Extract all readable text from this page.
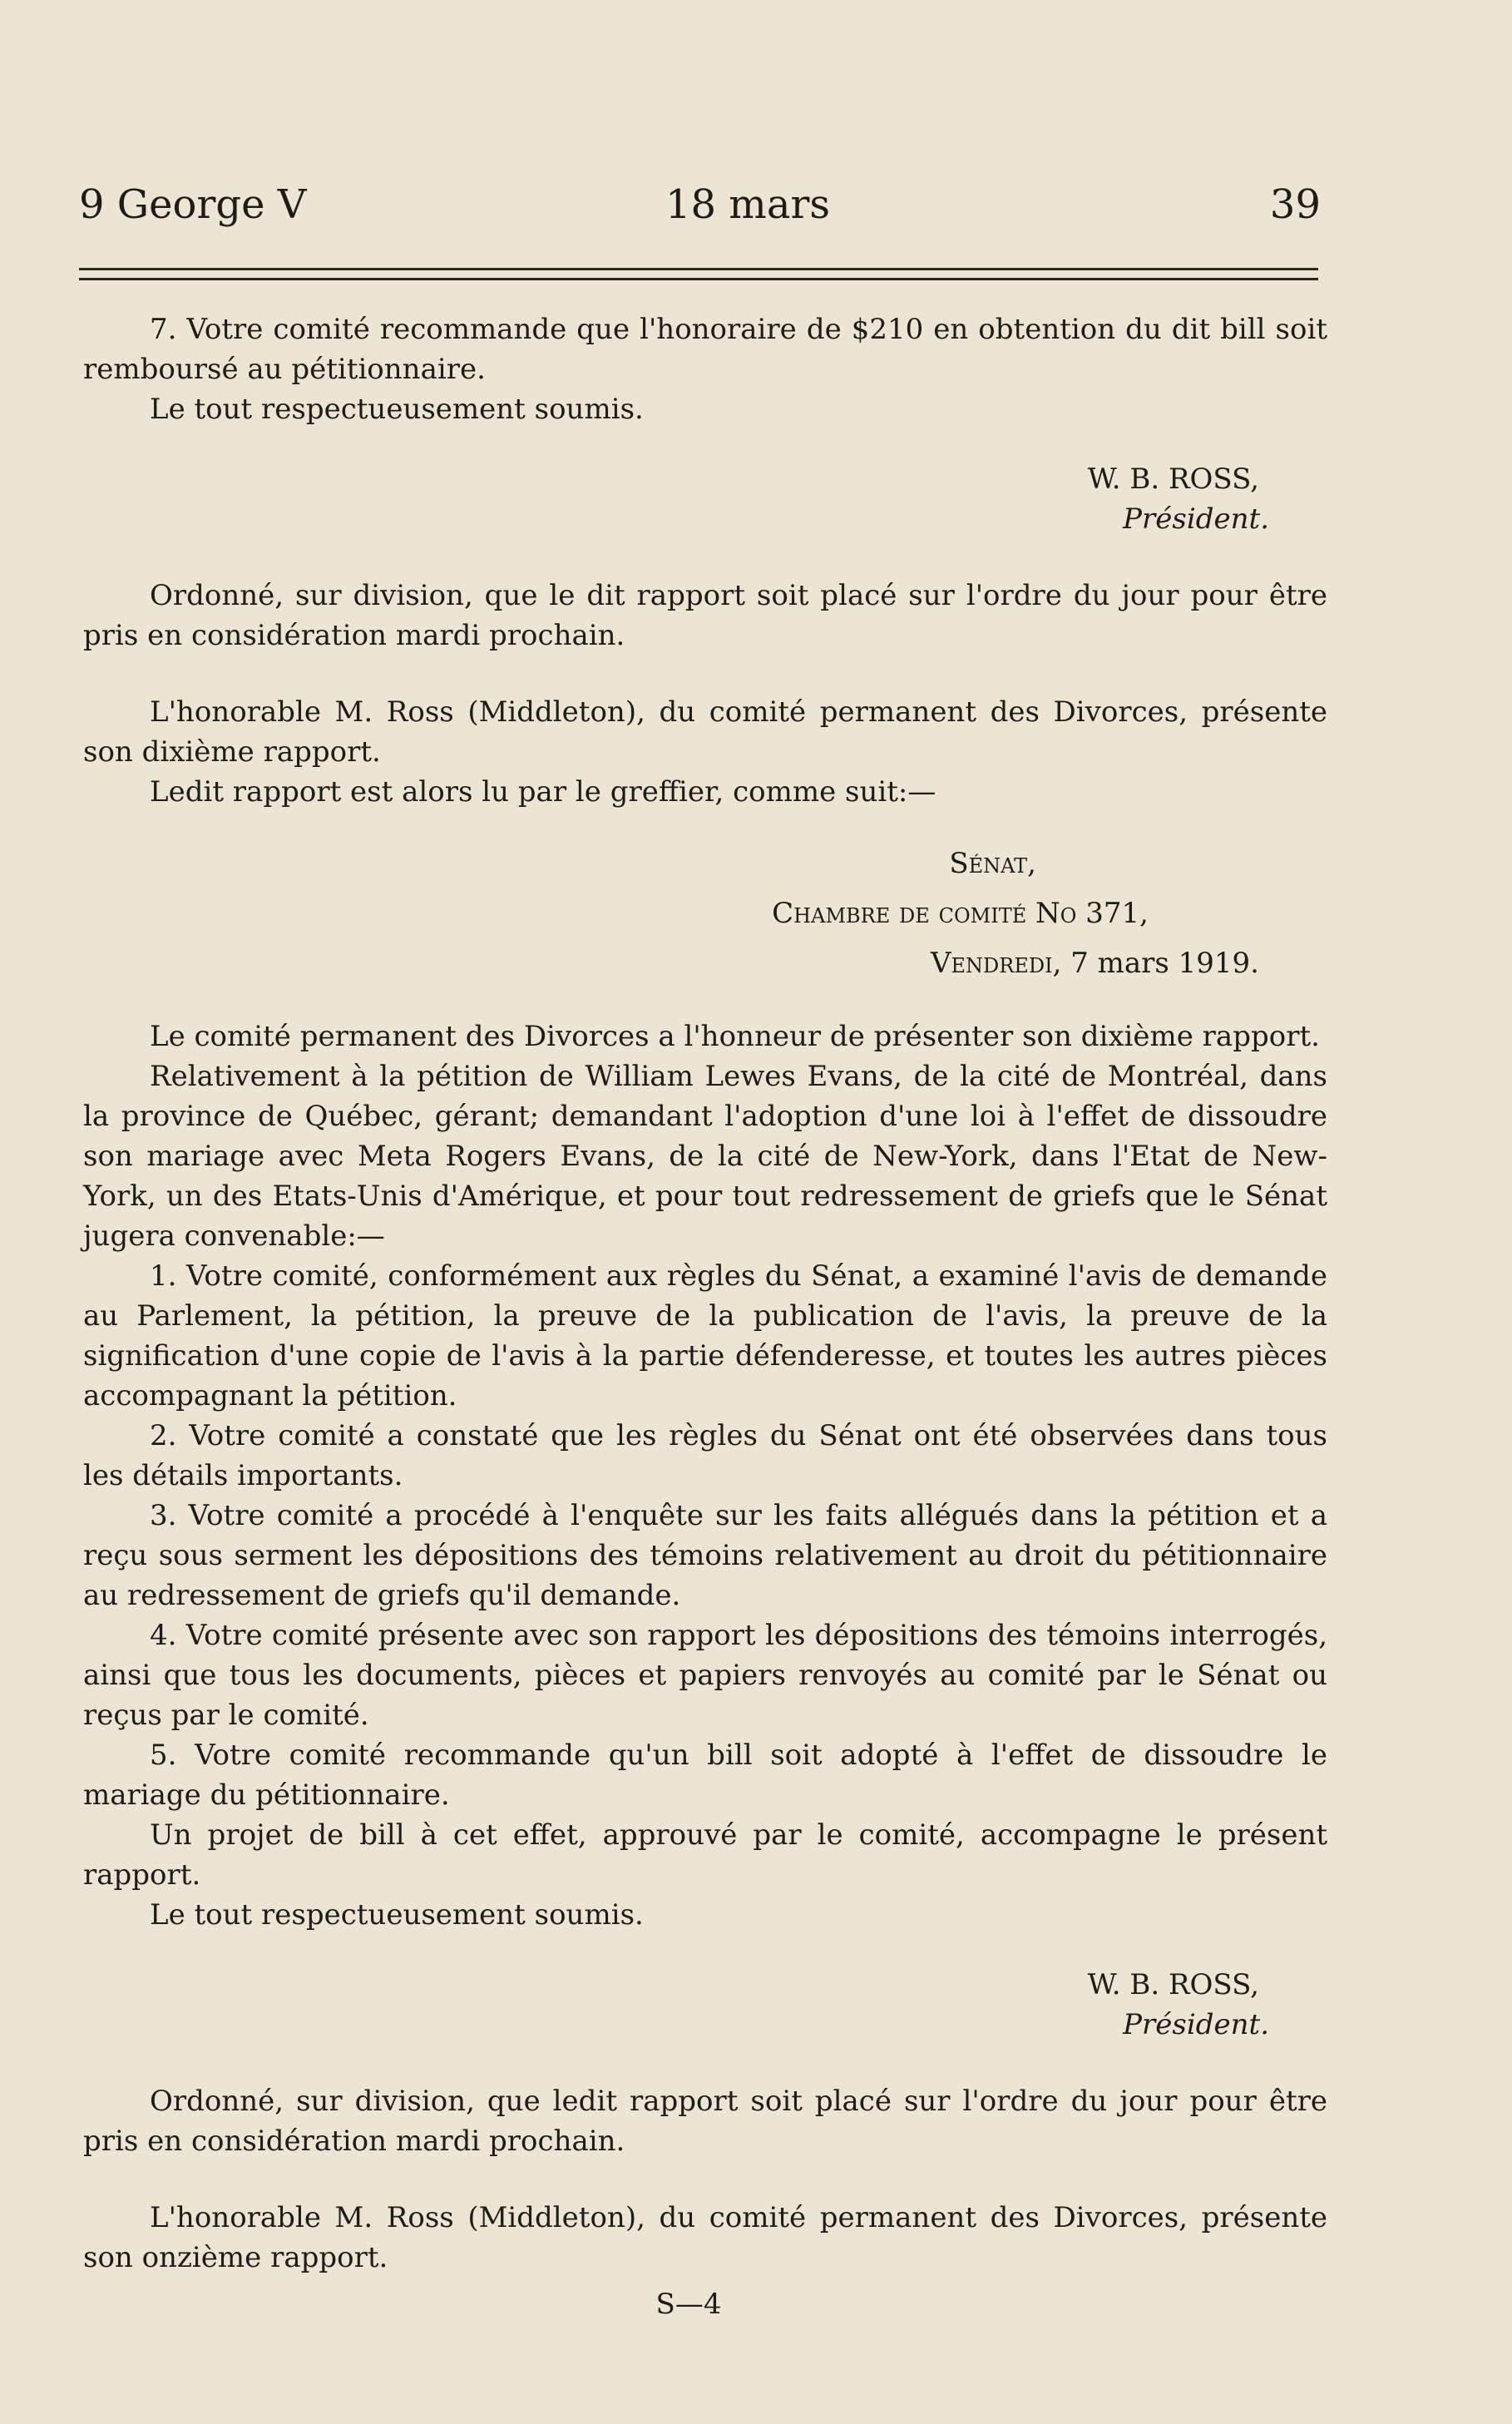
9 George V	18 mars	39

7. Votre comité recommande que l'honoraire de $210 en obtention du dit bill soit remboursé au pétitionnaire.

Le tout respectueusement soumis.

W. B. ROSS,

Président.

Ordonné, sur division, que le dit rapport soit placé sur l'ordre du jour pour être pris en considération mardi prochain.

L'honorable M. Ross (Middleton), du comité permanent des Divorces, présente son dixième rapport.

Ledit rapport est alors lu par le greffier, comme suit:—

Sénat,

Chambre de comité No 371,

Vendredi, 7 mars 1919.

Le comité permanent des Divorces a l'honneur de présenter son dixième rapport.

Relativement à la pétition de William Lewes Evans, de la cité de Montréal, dans la province de Québec, gérant; demandant l'adoption d'une loi à l'effet de dissoudre son mariage avec Meta Rogers Evans, de la cité de New-York, dans l'Etat de New-York, un des Etats-Unis d'Amérique, et pour tout redressement de griefs que le Sénat jugera convenable:—

1. Votre comité, conformément aux règles du Sénat, a examiné l'avis de demande au Parlement, la pétition, la preuve de la publication de l'avis, la preuve de la signification d'une copie de l'avis à la partie défenderesse, et toutes les autres pièces accompagnant la pétition.

2. Votre comité a constaté que les règles du Sénat ont été observées dans tous les détails importants.

3. Votre comité a procédé à l'enquête sur les faits allégués dans la pétition et a reçu sous serment les dépositions des témoins relativement au droit du pétitionnaire au redressement de griefs qu'il demande.

4. Votre comité présente avec son rapport les dépositions des témoins interrogés, ainsi que tous les documents, pièces et papiers renvoyés au comité par le Sénat ou reçus par le comité.

5. Votre comité recommande qu'un bill soit adopté à l'effet de dissoudre le mariage du pétitionnaire.

Un projet de bill à cet effet, approuvé par le comité, accompagne le présent rapport.

Le tout respectueusement soumis.

W. B. ROSS,

Président.

Ordonné, sur division, que ledit rapport soit placé sur l'ordre du jour pour être pris en considération mardi prochain.

L'honorable M. Ross (Middleton), du comité permanent des Divorces, présente son onzième rapport.

S—4
